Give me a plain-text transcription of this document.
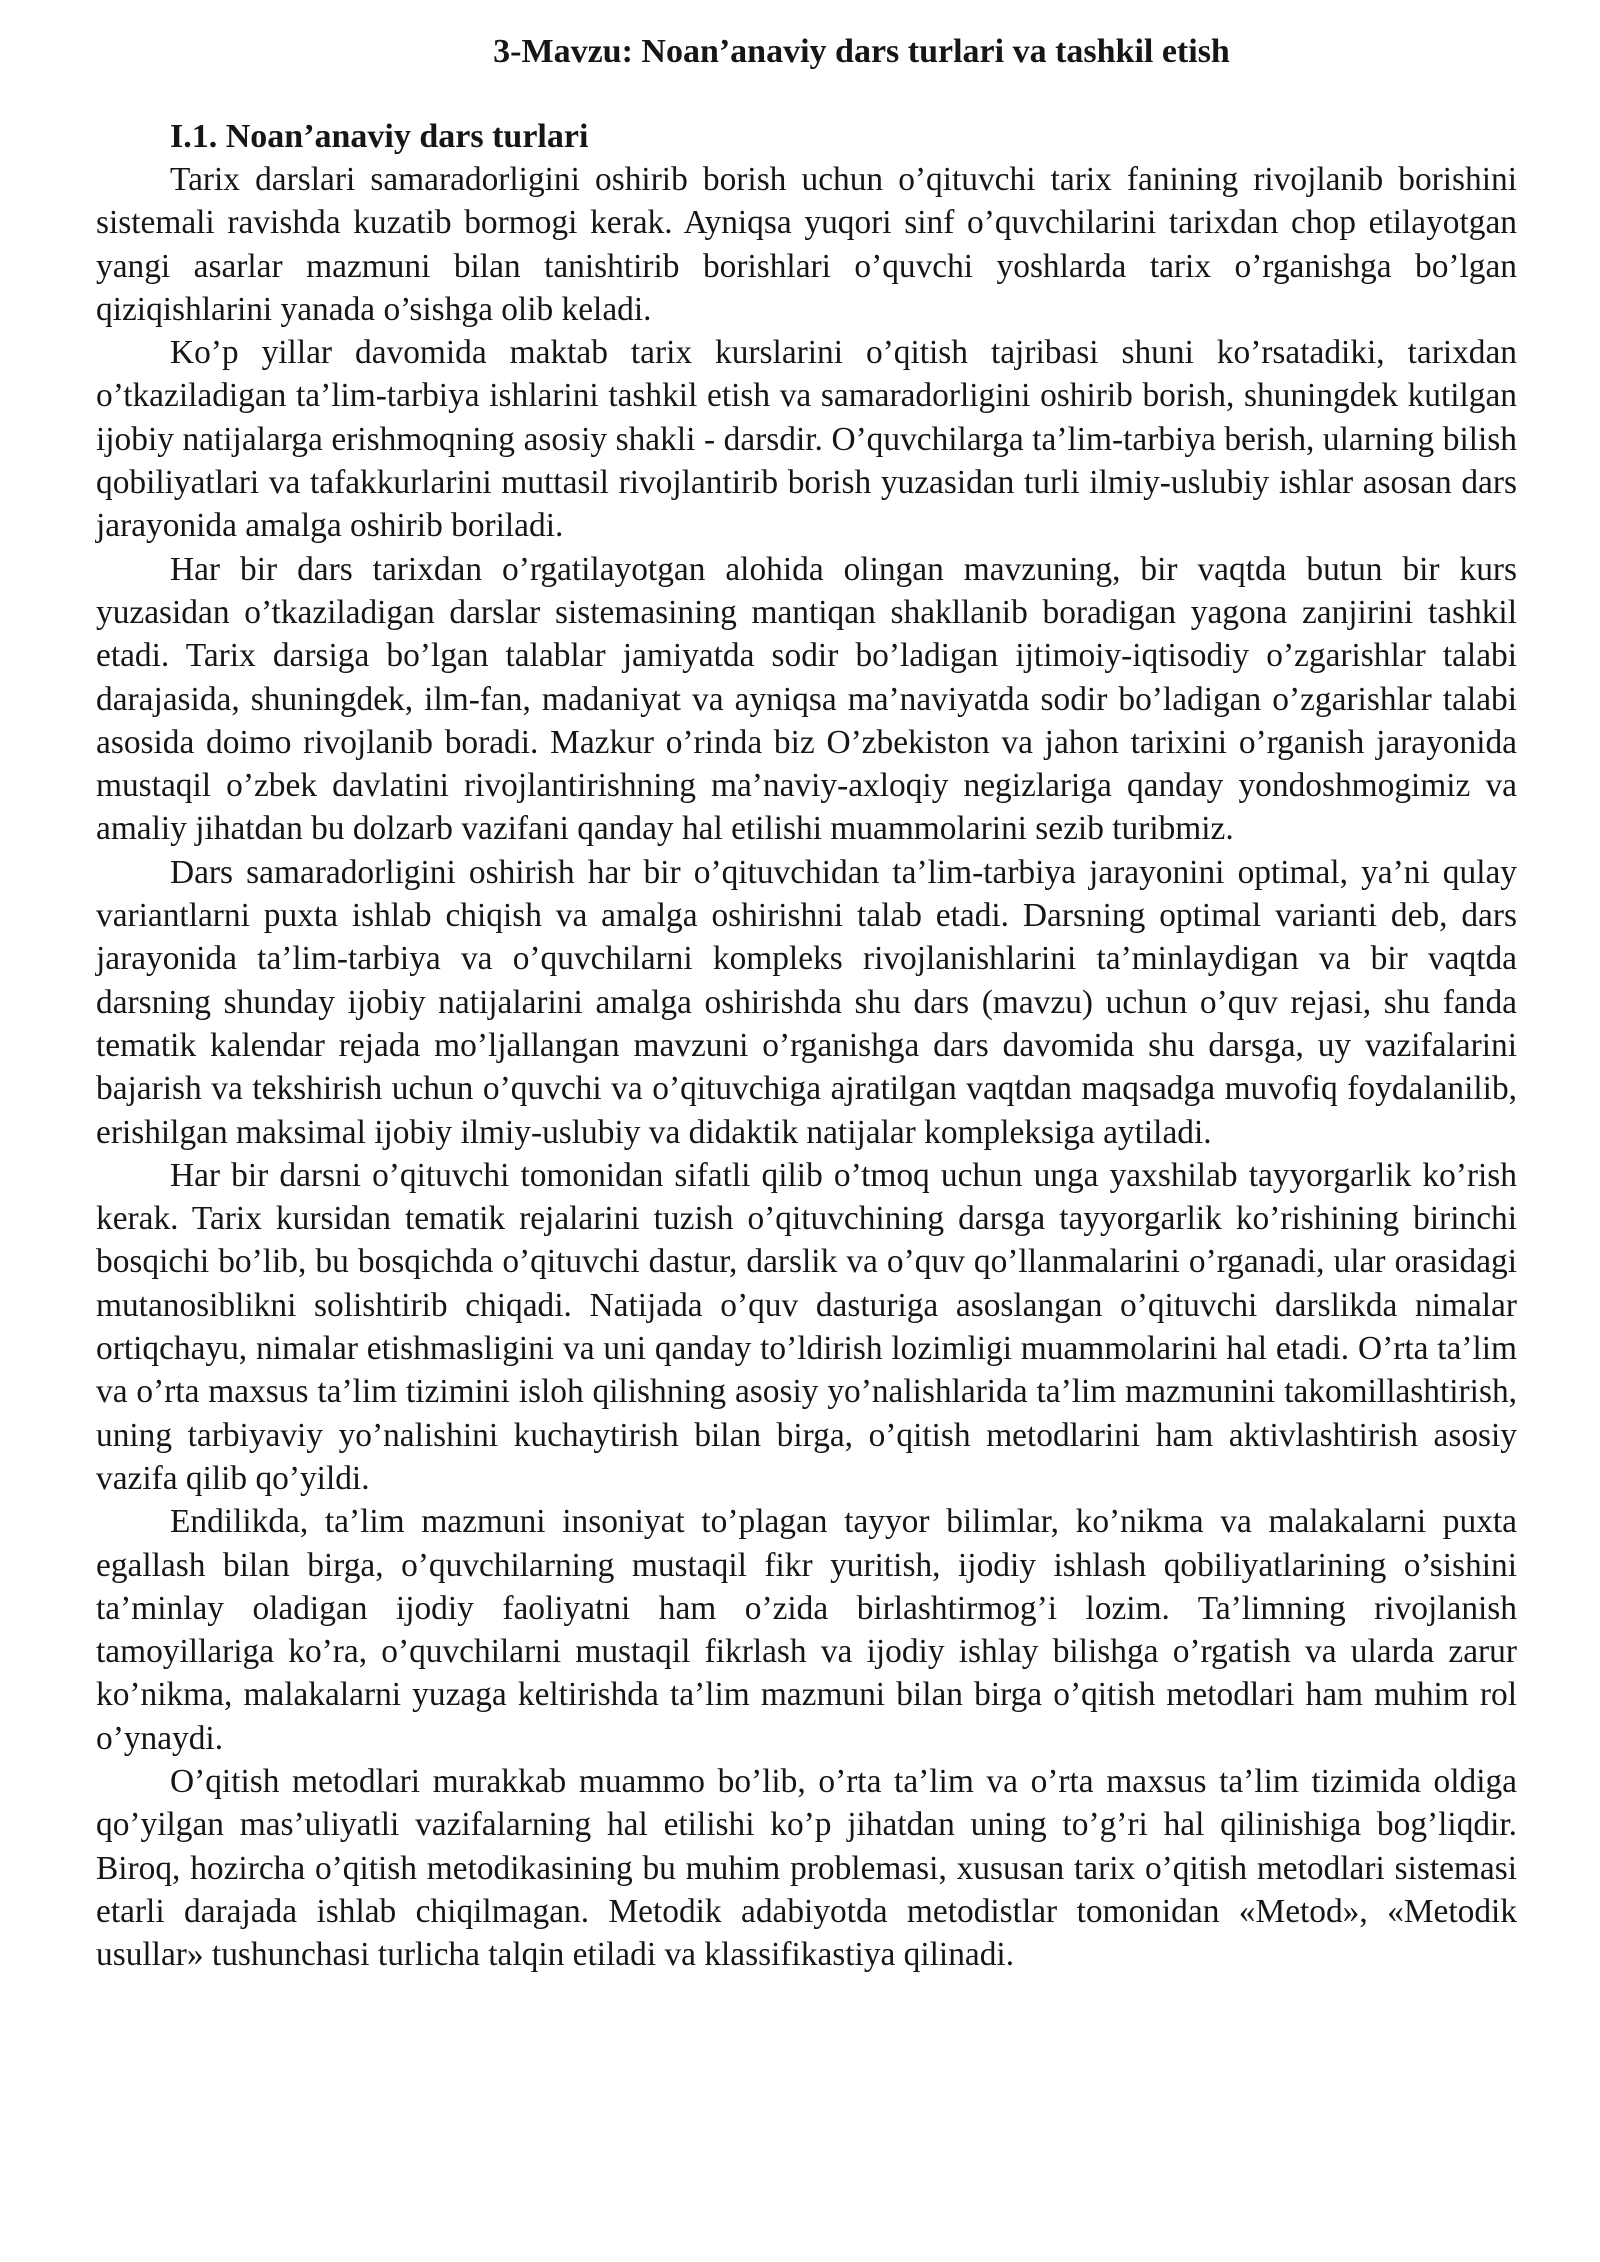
3-Mavzu: Noan’anaviy dars turlari va tashkil etish
I.1. Noan’anaviy dars turlari

Tarix darslari samaradorligini oshirib borish uchun o’qituvchi tarix fanining rivojlanib borishini sistemali ravishda kuzatib bormogi kerak. Ayniqsa yuqori sinf o’quvchilarini tarixdan chop etilayotgan yangi asarlar mazmuni bilan tanishtirib borishlari o’quvchi yoshlarda tarix o’rganishga bo’lgan qiziqishlarini yanada o’sishga olib keladi.

Ko’p yillar davomida maktab tarix kurslarini o’qitish tajribasi shuni ko’rsatadiki, tarixdan o’tkaziladigan ta’lim-tarbiya ishlarini tashkil etish va samaradorligini oshirib borish, shuningdek kutilgan ijobiy natijalarga erishmoqning asosiy shakli - darsdir. O’quvchilarga ta’lim-tarbiya berish, ularning bilish qobiliyatlari va tafakkurlarini muttasil rivojlantirib borish yuzasidan turli ilmiy-uslubiy ishlar asosan dars jarayonida amalga oshirib boriladi.

Har bir dars tarixdan o’rgatilayotgan alohida olingan mavzuning, bir vaqtda butun bir kurs yuzasidan o’tkaziladigan darslar sistemasining mantiqan shakllanib boradigan yagona zanjirini tashkil etadi. Tarix darsiga bo’lgan talablar jamiyatda sodir bo’ladigan ijtimoiy-iqtisodiy o’zgarishlar talabi darajasida, shuningdek, ilm-fan, madaniyat va ayniqsa ma’naviyatda sodir bo’ladigan o’zgarishlar talabi asosida doimo rivojlanib boradi. Mazkur o’rinda biz O’zbekiston va jahon tarixini o’rganish jarayonida mustaqil o’zbek davlatini rivojlantirishning ma’naviy-axloqiy negizlariga qanday yondoshmogimiz va amaliy jihatdan bu dolzarb vazifani qanday hal etilishi muammolarini sezib turibmiz.

Dars samaradorligini oshirish har bir o’qituvchidan ta’lim-tarbiya jarayonini optimal, ya’ni qulay variantlarni puxta ishlab chiqish va amalga oshirishni talab etadi. Darsning optimal varianti deb, dars jarayonida ta’lim-tarbiya va o’quvchilarni kompleks rivojlanishlarini ta’minlaydigan va bir vaqtda darsning shunday ijobiy natijalarini amalga oshirishda shu dars (mavzu) uchun o’quv rejasi, shu fanda tematik kalendar rejada mo’ljallangan mavzuni o’rganishga dars davomida shu darsga, uy vazifalarini bajarish va tekshirish uchun o’quvchi va o’qituvchiga ajratilgan vaqtdan maqsadga muvofiq foydalanilib, erishilgan maksimal ijobiy ilmiy-uslubiy va didaktik natijalar kompleksiga aytiladi.

Har bir darsni o’qituvchi tomonidan sifatli qilib o’tmoq uchun unga yaxshilab tayyorgarlik ko’rish kerak. Tarix kursidan tematik rejalarini tuzish o’qituvchining darsga tayyorgarlik ko’rishining birinchi bosqichi bo’lib, bu bosqichda o’qituvchi dastur, darslik va o’quv qo’llanmalarini o’rganadi, ular orasidagi mutanosiblikni solishtirib chiqadi. Natijada o’quv dasturiga asoslangan o’qituvchi darslikda nimalar ortiqchayu, nimalar etishmasligini va uni qanday to’ldirish lozimligi muammolarini hal etadi. O’rta ta’lim va o’rta maxsus ta’lim tizimini isloh qilishning asosiy yo’nalishlarida ta’lim mazmunini takomillashtirish, uning tarbiyaviy yo’nalishini kuchaytirish bilan birga, o’qitish metodlarini ham aktivlashtirish asosiy vazifa qilib qo’yildi.

Endilikda, ta’lim mazmuni insoniyat to’plagan tayyor bilimlar, ko’nikma va malakalarni puxta egallash bilan birga, o’quvchilarning mustaqil fikr yuritish, ijodiy ishlash qobiliyatlarining o’sishini ta’minlay oladigan ijodiy faoliyatni ham o’zida birlashtirmog’i lozim. Ta’limning rivojlanish tamoyillariga ko’ra, o’quvchilarni mustaqil fikrlash va ijodiy ishlay bilishga o’rgatish va ularda zarur ko’nikma, malakalarni yuzaga keltirishda ta’lim mazmuni bilan birga o’qitish metodlari ham muhim rol o’ynaydi.

O’qitish metodlari murakkab muammo bo’lib, o’rta ta’lim va o’rta maxsus ta’lim tizimida oldiga qo’yilgan mas’uliyatli vazifalarning hal etilishi ko’p jihatdan uning to’g’ri hal qilinishiga bog’liqdir. Biroq, hozircha o’qitish metodikasining bu muhim problemasi, xususan tarix o’qitish metodlari sistemasi etarli darajada ishlab chiqilmagan. Metodik adabiyotda metodistlar tomonidan «Metod», «Metodik usullar» tushunchasi turlicha talqin etiladi va klassifikastiya qilinadi.
